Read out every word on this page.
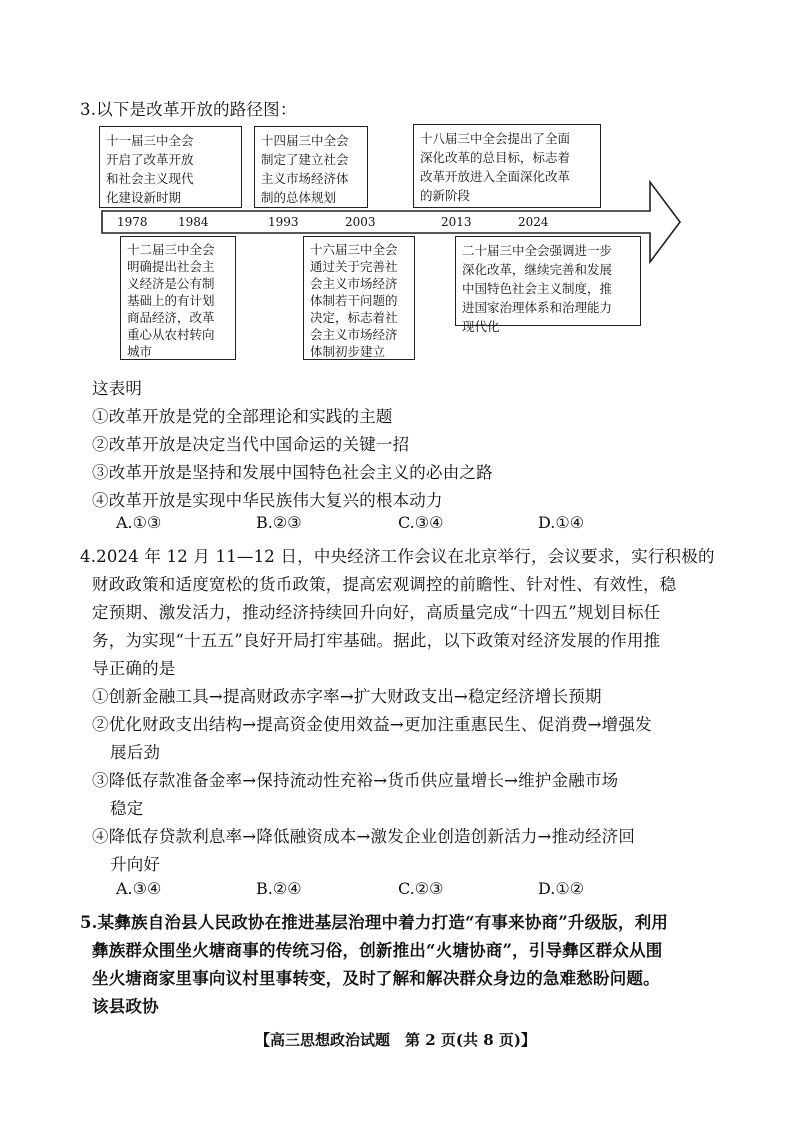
3.以下是改革开放的路径图：
1978	1984	1993	2003	2013	2024
十一届三中全会
开启了改革开放
和社会主义现代
化建设新时期
十四届三中全会
制定了建立社会
主义市场经济体
制的总体规划
十八届三中全会提出了全面
深化改革的总目标，标志着
改革开放进入全面深化改革
的新阶段
十二届三中全会
明确提出社会主
义经济是公有制
基础上的有计划
商品经济，改革
重心从农村转向
城市
十六届三中全会
通过关于完善社
会主义市场经济
体制若干问题的
决定，标志着社
会主义市场经济
体制初步建立
二十届三中全会强调进一步
深化改革，继续完善和发展
中国特色社会主义制度，推
进国家治理体系和治理能力
现代化
这表明
①改革开放是党的全部理论和实践的主题
②改革开放是决定当代中国命运的关键一招
③改革开放是坚持和发展中国特色社会主义的必由之路
④改革开放是实现中华民族伟大复兴的根本动力
A.①③	B.②③	C.③④	D.①④
4.2024 年 12 月 11—12 日，中央经济工作会议在北京举行，会议要求，实行积极的
财政政策和适度宽松的货币政策，提高宏观调控的前瞻性、针对性、有效性，稳
定预期、激发活力，推动经济持续回升向好，高质量完成“十四五”规划目标任
务，为实现“十五五”良好开局打牢基础。据此，以下政策对经济发展的作用推
导正确的是
①创新金融工具→提高财政赤字率→扩大财政支出→稳定经济增长预期
②优化财政支出结构→提高资金使用效益→更加注重惠民生、促消费→增强发
展后劲
③降低存款准备金率→保持流动性充裕→货币供应量增长→维护金融市场
稳定
④降低存贷款利息率→降低融资成本→激发企业创造创新活力→推动经济回
升向好
A.③④	B.②④	C.②③	D.①②
5.某彝族自治县人民政协在推进基层治理中着力打造“有事来协商”升级版，利用
彝族群众围坐火塘商事的传统习俗，创新推出“火塘协商”，引导彝区群众从围
坐火塘商家里事向议村里事转变，及时了解和解决群众身边的急难愁盼问题。
该县政协
【高三思想政治试题　第 2 页(共 8 页)】
